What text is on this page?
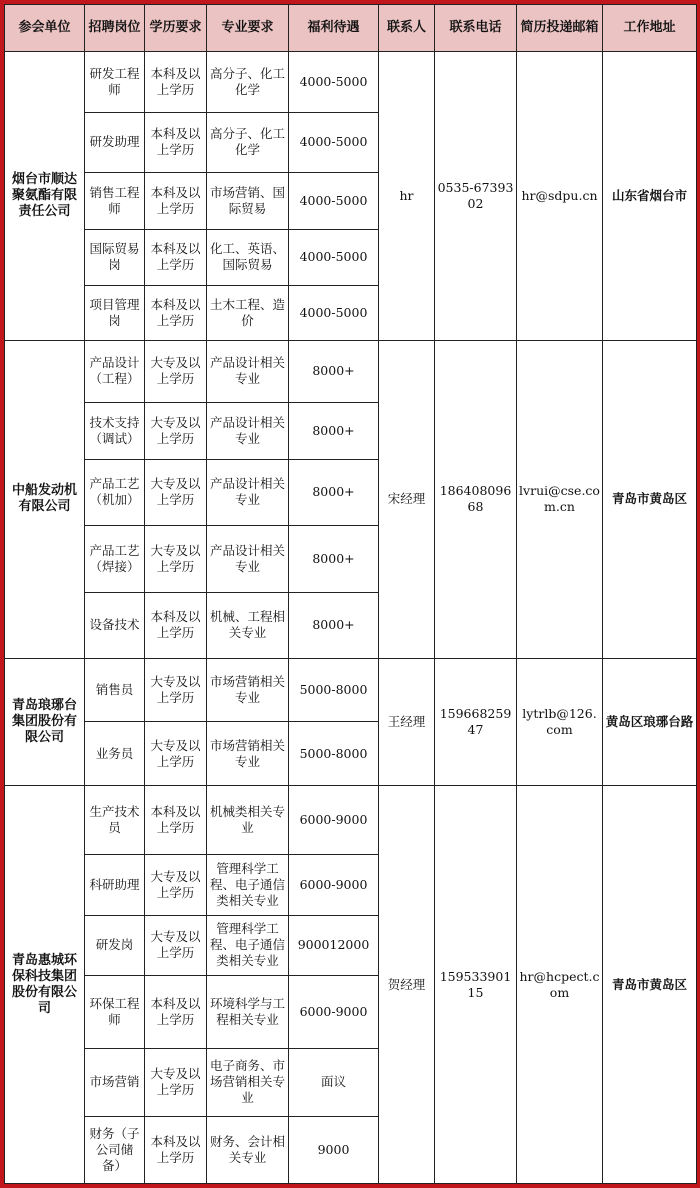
参会单位	招聘岗位	学历要求	专业要求	福利待遇	联系人	联系电话	简历投递邮箱	工作地址
烟台市顺达聚氨酯有限责任公司	研发工程师	本科及以上学历	高分子、化工化学	4000-5000	hr	0535-6739302	hr@sdpu.cn	山东省烟台市
	研发助理	本科及以上学历	高分子、化工化学	4000-5000				
	销售工程师	本科及以上学历	市场营销、国际贸易	4000-5000				
	国际贸易岗	本科及以上学历	化工、英语、国际贸易	4000-5000				
	项目管理岗	本科及以上学历	土木工程、造价	4000-5000				
中船发动机有限公司	产品设计（工程）	大专及以上学历	产品设计相关专业	8000+	宋经理	18640809668	lvrui@cse.com.cn	青岛市黄岛区
	技术支持（调试）	大专及以上学历	产品设计相关专业	8000+				
	产品工艺（机加）	大专及以上学历	产品设计相关专业	8000+				
	产品工艺（焊接）	大专及以上学历	产品设计相关专业	8000+				
	设备技术	本科及以上学历	机械、工程相关专业	8000+				
青岛琅琊台集团股份有限公司	销售员	大专及以上学历	市场营销相关专业	5000-8000	王经理	15966825947	lytrlb@126.com	黄岛区琅琊台路
	业务员	大专及以上学历	市场营销相关专业	5000-8000				
青岛惠城环保科技集团股份有限公司	生产技术员	本科及以上学历	机械类相关专业	6000-9000	贺经理	15953390115	hr@hcpect.com	青岛市黄岛区
	科研助理	大专及以上学历	管理科学工程、电子通信类相关专业	6000-9000				
	研发岗	大专及以上学历	管理科学工程、电子通信类相关专业	900012000				
	环保工程师	本科及以上学历	环境科学与工程相关专业	6000-9000				
	市场营销	大专及以上学历	电子商务、市场营销相关专业	面议				
	财务（子公司储备）	本科及以上学历	财务、会计相关专业	9000				
